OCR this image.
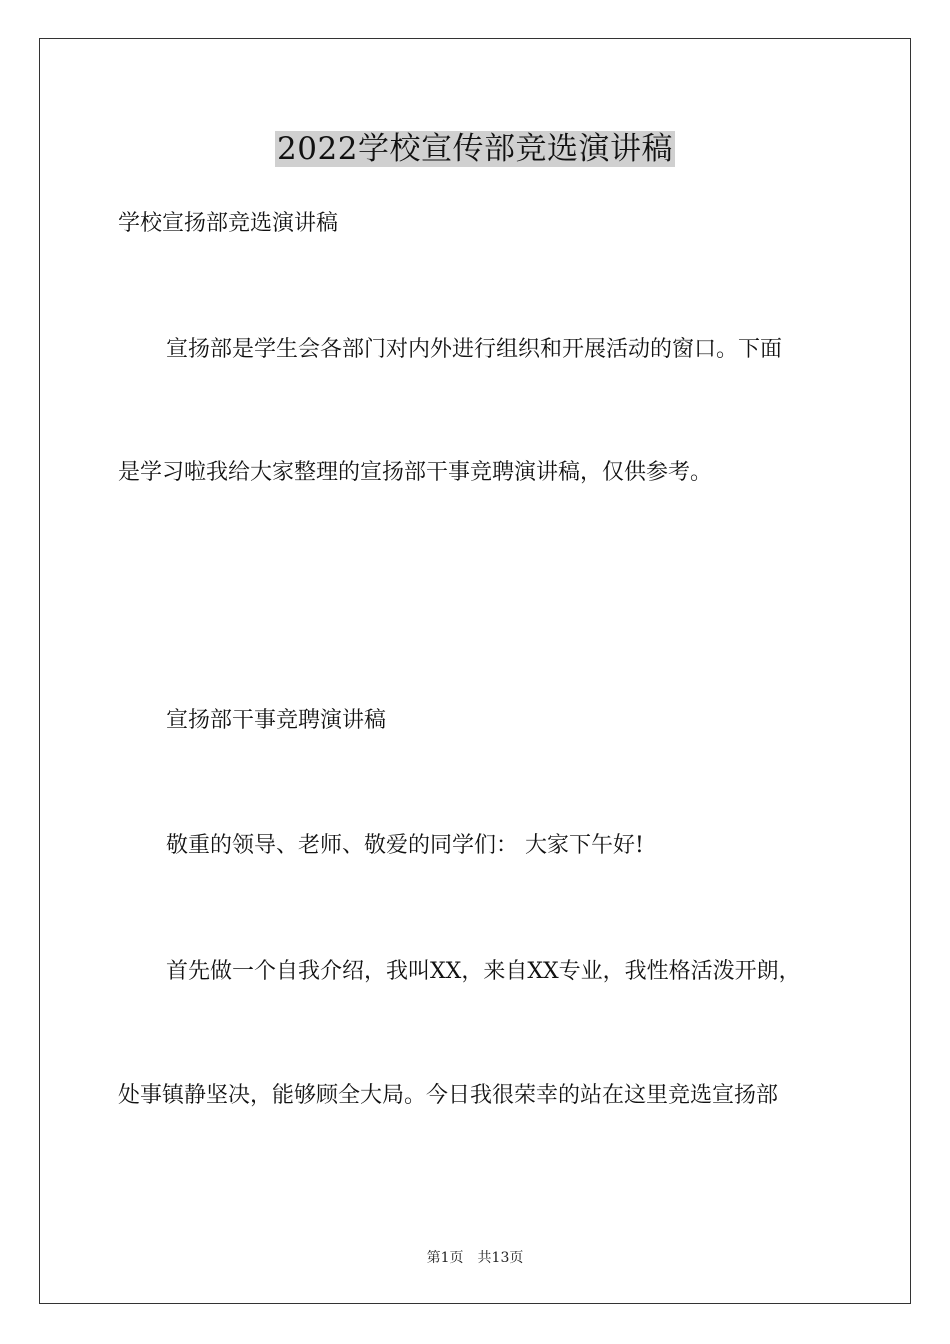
2022学校宣传部竞选演讲稿

学校宣扬部竞选演讲稿

宣扬部是学生会各部门对内外进行组织和开展活动的窗口。下面

是学习啦我给大家整理的宣扬部干事竞聘演讲稿，仅供参考。

宣扬部干事竞聘演讲稿

敬重的领导、老师、敬爱的同学们： 大家下午好!

首先做一个自我介绍，我叫XX，来自XX专业，我性格活泼开朗，

处事镇静坚决，能够顾全大局。今日我很荣幸的站在这里竞选宣扬部

第1页 共13页
